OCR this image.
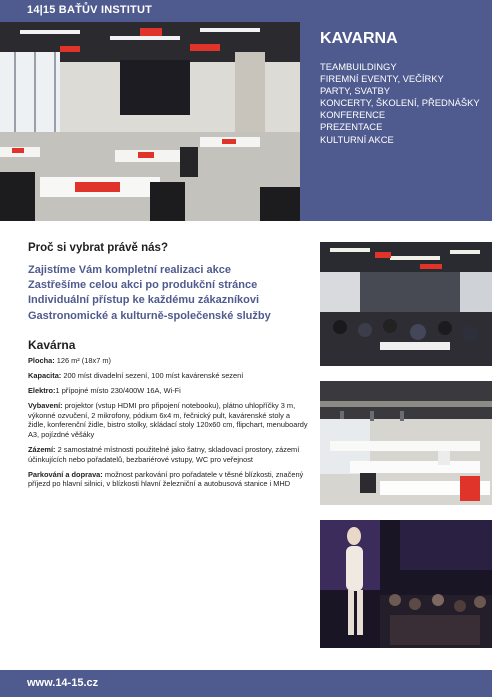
14|15 BAŤŮV INSTITUT
KAVARNA
TEAMBUILDINGY
FIREMNÍ EVENTY, VEČÍRKY
PARTY, SVATBY
KONCERTY, ŠKOLENÍ, PŘEDNÁŠKY
KONFERENCE
PREZENTACE
KULTURNÍ AKCE
Proč si vybrat právě nás?
Zajistíme Vám kompletní realizaci akce
Zastřešíme celou akci po produkční stránce
Individuální přístup ke každému zákazníkovi
Gastronomické a kulturně-společenské služby
Kavárna

Plocha: 126 m² (18x7 m)

Kapacita: 200 míst divadelní sezení, 100 míst kavárenské sezení

Elektro:1 přípojné místo 230/400W 16A, Wi-Fi

Vybavení: projektor (vstup HDMI pro připojení notebooku), plátno uhlopříčky 3 m, výkonné ozvučení, 2 mikrofony, pódium 6x4 m, řečnický pult, kavárenské stoly a židle, konferenční židle, bistro stolky, skládací stoly 120x60 cm, flipchart, menuboardy A3, pojízdné věšáky

Zázemí: 2 samostatné místnosti použitelné jako šatny, skladovací prostory, zázemí účinkujících nebo pořadatelů, bezbariérové vstupy, WC pro veřejnost

Parkování a doprava: možnost parkování pro pořadatele v těsné blízkosti, značený příjezd po hlavní silnici, v blízkosti hlavní železniční a autobusová stanice i MHD

www.14-15.cz
